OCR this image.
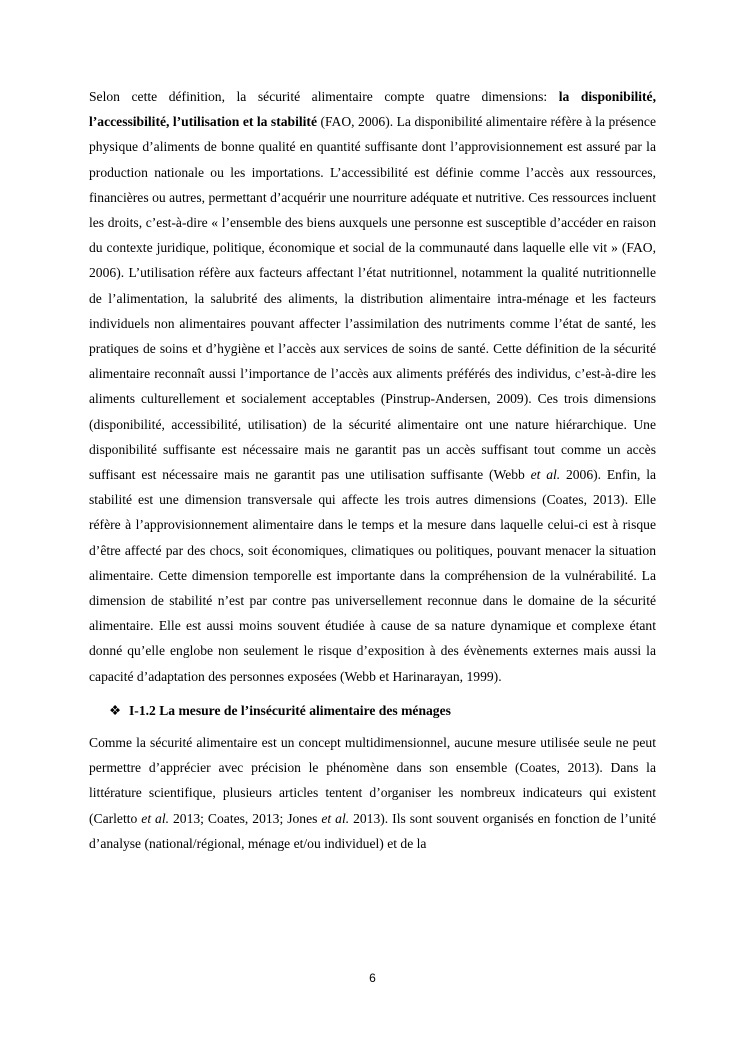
Selon cette définition, la sécurité alimentaire compte quatre dimensions: la disponibilité, l’accessibilité, l’utilisation et la stabilité (FAO, 2006). La disponibilité alimentaire réfère à la présence physique d’aliments de bonne qualité en quantité suffisante dont l’approvisionnement est assuré par la production nationale ou les importations. L’accessibilité est définie comme l’accès aux ressources, financières ou autres, permettant d’acquérir une nourriture adéquate et nutritive. Ces ressources incluent les droits, c’est-à-dire « l’ensemble des biens auxquels une personne est susceptible d’accéder en raison du contexte juridique, politique, économique et social de la communauté dans laquelle elle vit » (FAO, 2006). L’utilisation réfère aux facteurs affectant l’état nutritionnel, notamment la qualité nutritionnelle de l’alimentation, la salubrité des aliments, la distribution alimentaire intra-ménage et les facteurs individuels non alimentaires pouvant affecter l’assimilation des nutriments comme l’état de santé, les pratiques de soins et d’hygiène et l’accès aux services de soins de santé. Cette définition de la sécurité alimentaire reconnaît aussi l’importance de l’accès aux aliments préférés des individus, c’est-à-dire les aliments culturellement et socialement acceptables (Pinstrup-Andersen, 2009). Ces trois dimensions (disponibilité, accessibilité, utilisation) de la sécurité alimentaire ont une nature hiérarchique. Une disponibilité suffisante est nécessaire mais ne garantit pas un accès suffisant tout comme un accès suffisant est nécessaire mais ne garantit pas une utilisation suffisante (Webb et al. 2006). Enfin, la stabilité est une dimension transversale qui affecte les trois autres dimensions (Coates, 2013). Elle réfère à l’approvisionnement alimentaire dans le temps et la mesure dans laquelle celui-ci est à risque d’être affecté par des chocs, soit économiques, climatiques ou politiques, pouvant menacer la situation alimentaire. Cette dimension temporelle est importante dans la compréhension de la vulnérabilité. La dimension de stabilité n’est par contre pas universellement reconnue dans le domaine de la sécurité alimentaire. Elle est aussi moins souvent étudiée à cause de sa nature dynamique et complexe étant donné qu’elle englobe non seulement le risque d’exposition à des évènements externes mais aussi la capacité d’adaptation des personnes exposées (Webb et Harinarayan, 1999).

❖ I-1.2 La mesure de l’insécurité alimentaire des ménages

Comme la sécurité alimentaire est un concept multidimensionnel, aucune mesure utilisée seule ne peut permettre d’apprécier avec précision le phénomène dans son ensemble (Coates, 2013). Dans la littérature scientifique, plusieurs articles tentent d’organiser les nombreux indicateurs qui existent (Carletto et al. 2013; Coates, 2013; Jones et al. 2013). Ils sont souvent organisés en fonction de l’unité d’analyse (national/régional, ménage et/ou individuel) et de la

6
